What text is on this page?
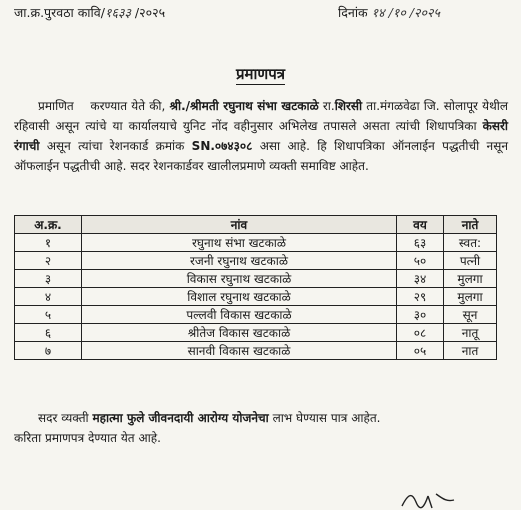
जा.क्र.पुरवठा कावि/१६३३ /२०२५	दिनांक १४ /१० /२०२५
प्रमाणपत्र
प्रमाणित करण्यात येते की, श्री./श्रीमती रघुनाथ संभा खटकाळे रा.शिरसी ता.मंगळवेढा जि. सोलापूर येथील रहिवासी असून त्यांचे या कार्यालयाचे युनिट नोंद वहीनुसार अभिलेख तपासले असता त्यांची शिधापत्रिका केसरी रंगाची असून त्यांचा रेशनकार्ड क्रमांक SN.०७४३०८ असा आहे. हि शिधापत्रिका ऑनलाईन पद्धतीची नसून ऑफलाईन पद्धतीची आहे. सदर रेशनकार्डवर खालीलप्रमाणे व्यक्ती समाविष्ट आहेत.
अ.क्र.	नांव	वय	नाते
१	रघुनाथ संभा खटकाळे	६३	स्वत:
२	रजनी रघुनाथ खटकाळे	५०	पत्नी
३	विकास रघुनाथ खटकाळे	३४	मुलगा
४	विशाल रघुनाथ खटकाळे	२९	मुलगा
५	पल्लवी विकास खटकाळे	३०	सून
६	श्रीतेज विकास खटकाळे	०८	नातू
७	सानवी विकास खटकाळे	०५	नात
सदर व्यक्ती महात्मा फुले जीवनदायी आरोग्य योजनेचा लाभ घेण्यास पात्र आहेत.
करिता प्रमाणपत्र देण्यात येत आहे.
